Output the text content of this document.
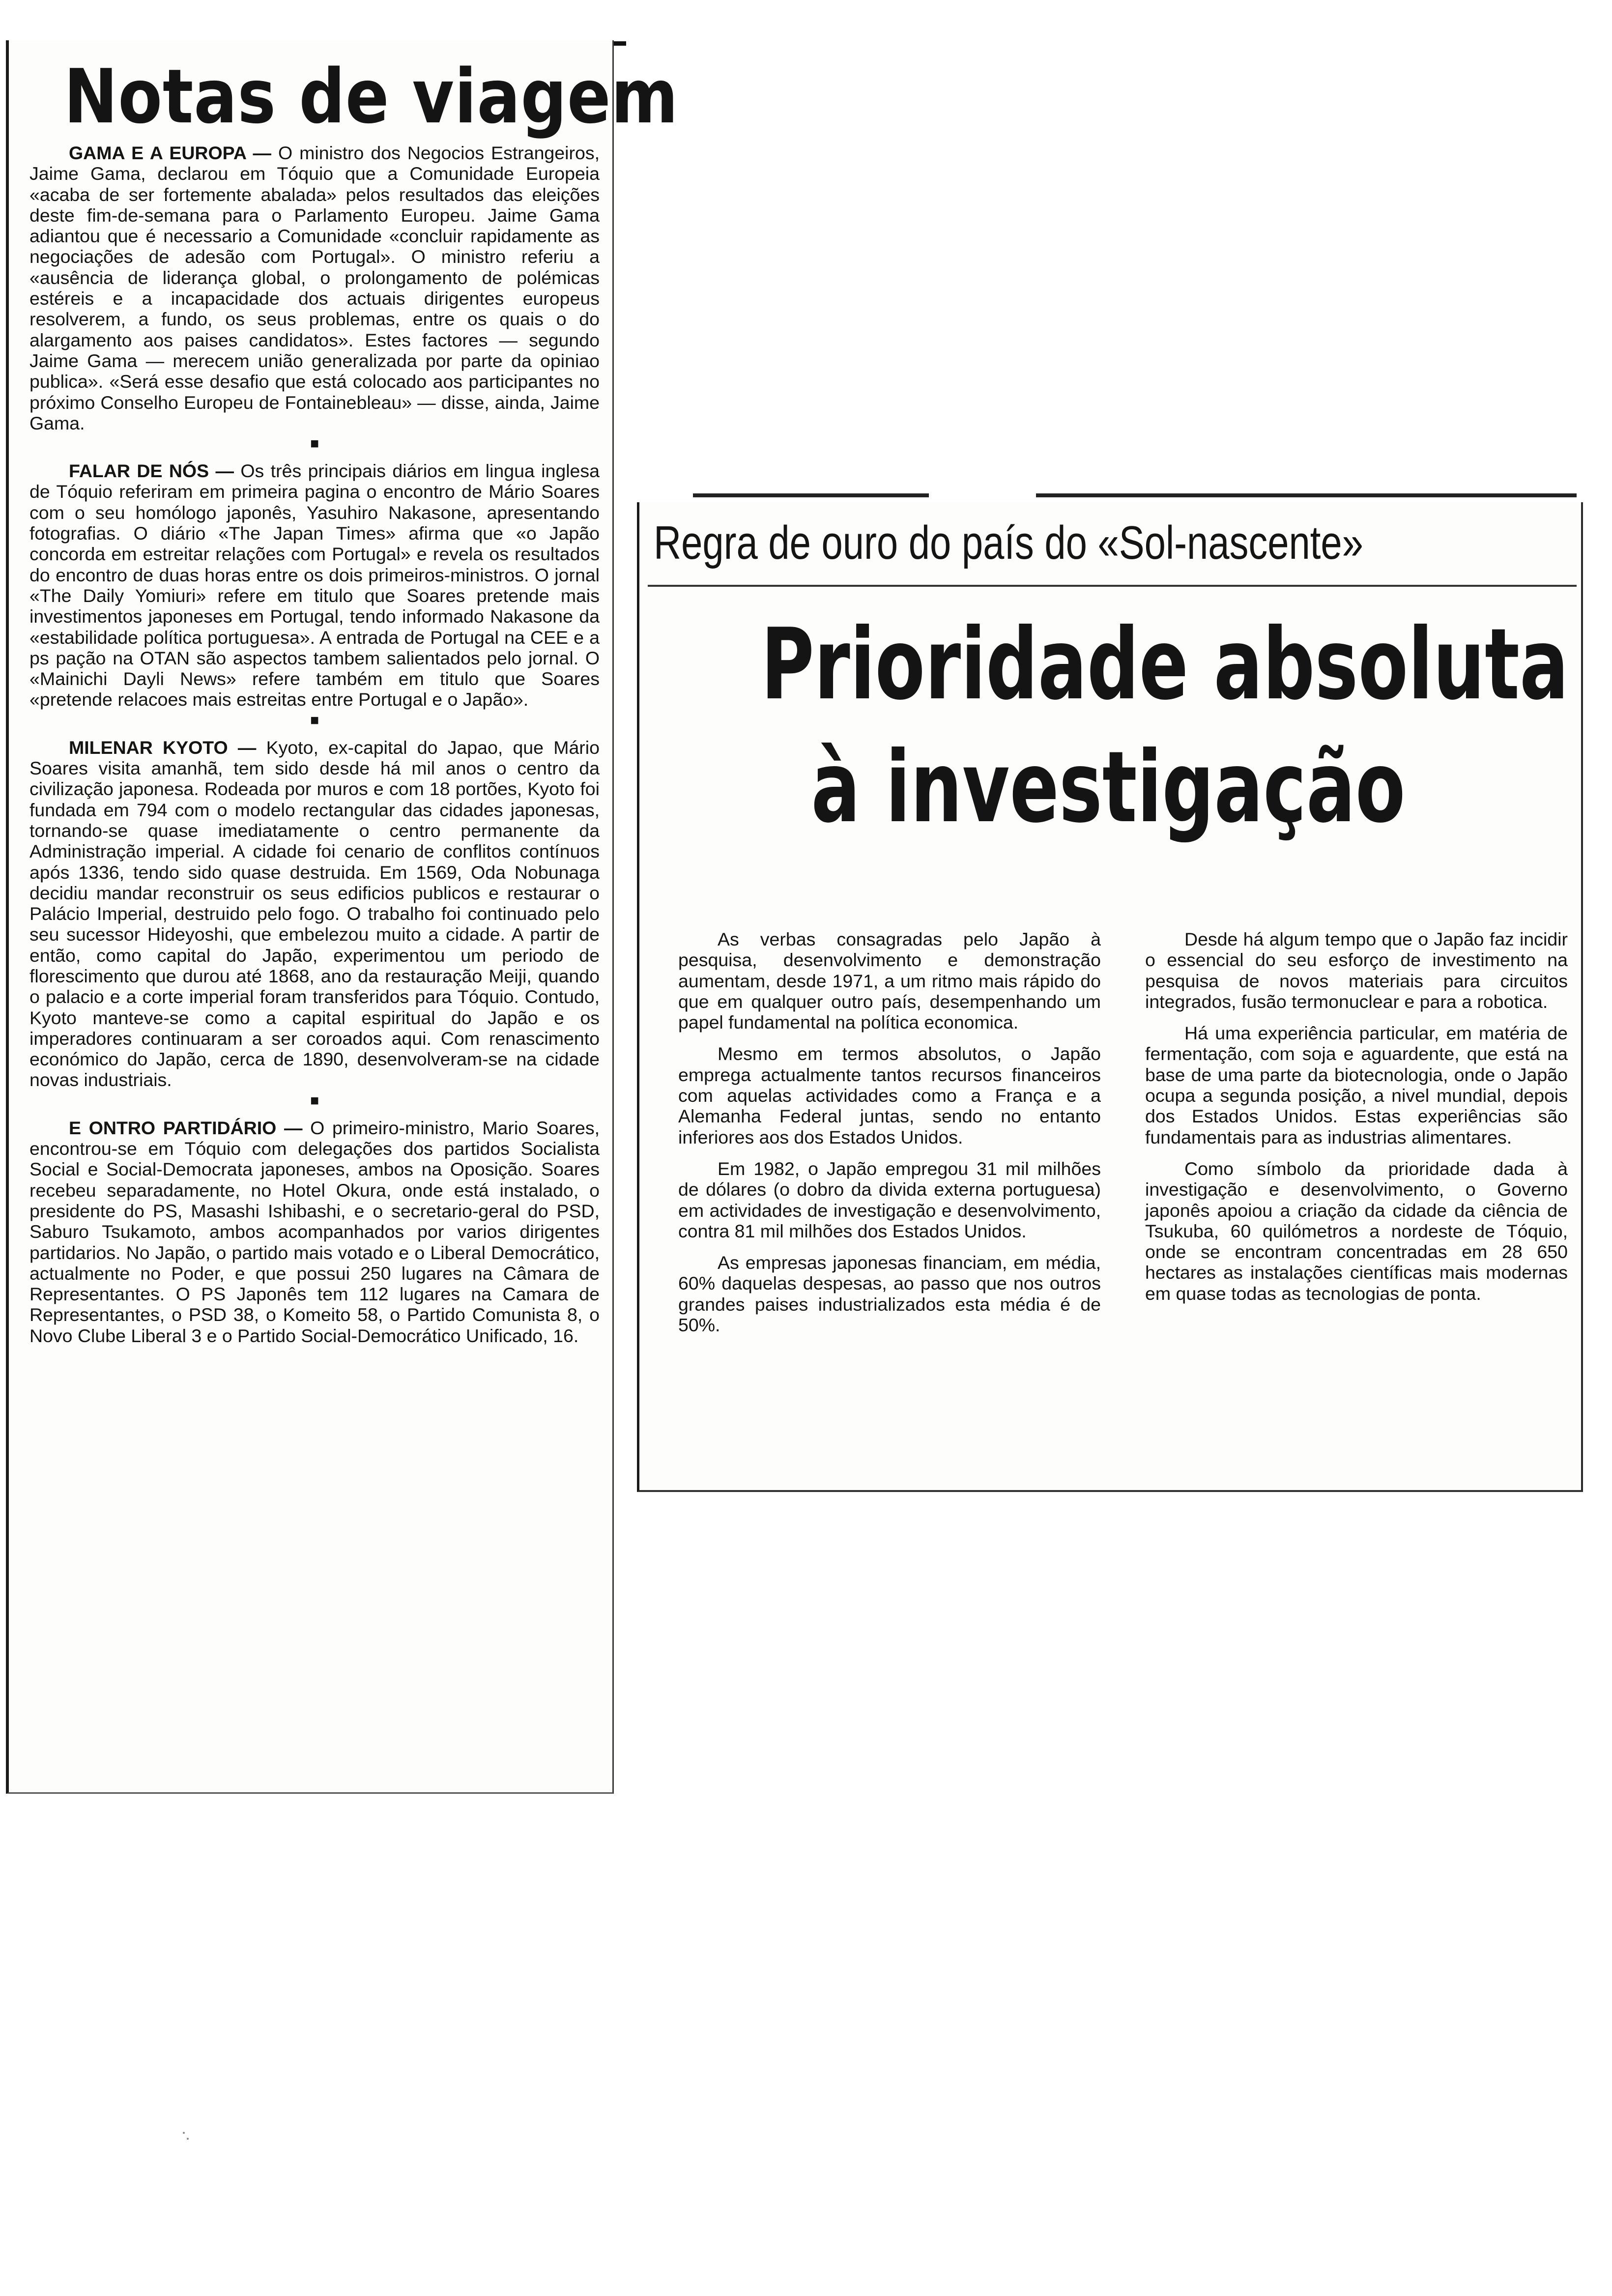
Notas de viagem

GAMA E A EUROPA — O ministro dos Negocios Estrangeiros, Jaime Gama, declarou em Tóquio que a Comunidade Europeia «acaba de ser fortemente abalada» pelos resultados das eleições deste fim-de-semana para o Parlamento Europeu. Jaime Gama adiantou que é necessario a Comunidade «concluir rapidamente as negociações de adesão com Portugal». O ministro referiu a «ausência de liderança global, o prolongamento de polémicas estéreis e a incapacidade dos actuais dirigentes europeus resolverem, a fundo, os seus problemas, entre os quais o do alargamento aos paises candidatos». Estes factores — segundo Jaime Gama — merecem união generalizada por parte da opiniao publica». «Será esse desafio que está colocado aos participantes no próximo Conselho Europeu de Fontainebleau» — disse, ainda, Jaime Gama.

■

FALAR DE NÓS — Os três principais diários em lingua inglesa de Tóquio referiram em primeira pagina o encontro de Mário Soares com o seu homólogo japonês, Yasuhiro Nakasone, apresentando fotografias. O diário «The Japan Times» afirma que «o Japão concorda em estreitar relações com Portugal» e revela os resultados do encontro de duas horas entre os dois primeiros-ministros. O jornal «The Daily Yomiuri» refere em titulo que Soares pretende mais investimentos japoneses em Portugal, tendo informado Nakasone da «estabilidade política portuguesa». A entrada de Portugal na CEE e a ps pação na OTAN são aspectos tambem salientados pelo jornal. O «Mainichi Dayli News» refere também em titulo que Soares «pretende relacoes mais estreitas entre Portugal e o Japão».

■

MILENAR KYOTO — Kyoto, ex-capital do Japao, que Mário Soares visita amanhã, tem sido desde há mil anos o centro da civilização japonesa. Rodeada por muros e com 18 portões, Kyoto foi fundada em 794 com o modelo rectangular das cidades japonesas, tornando-se quase imediatamente o centro permanente da Administração imperial. A cidade foi cenario de conflitos contínuos após 1336, tendo sido quase destruida. Em 1569, Oda Nobunaga decidiu mandar reconstruir os seus edificios publicos e restaurar o Palácio Imperial, destruido pelo fogo. O trabalho foi continuado pelo seu sucessor Hideyoshi, que embelezou muito a cidade. A partir de então, como capital do Japão, experimentou um periodo de florescimento que durou até 1868, ano da restauração Meiji, quando o palacio e a corte imperial foram transferidos para Tóquio. Contudo, Kyoto manteve-se como a capital espiritual do Japão e os imperadores continuaram a ser coroados aqui. Com renascimento económico do Japão, cerca de 1890, desenvolveram-se na cidade novas industriais.

■

E ONTRO PARTIDÁRIO — O primeiro-ministro, Mario Soares, encontrou-se em Tóquio com delegações dos partidos Socialista Social e Social-Democrata japoneses, ambos na Oposição. Soares recebeu separadamente, no Hotel Okura, onde está instalado, o presidente do PS, Masashi Ishibashi, e o secretario-geral do PSD, Saburo Tsukamoto, ambos acompanhados por varios dirigentes partidarios. No Japão, o partido mais votado e o Liberal Democrático, actualmente no Poder, e que possui 250 lugares na Câmara de Representantes. O PS Japonês tem 112 lugares na Camara de Representantes, o PSD 38, o Komeito 58, o Partido Comunista 8, o Novo Clube Liberal 3 e o Partido Social-Democrático Unificado, 16.

Regra de ouro do país do «Sol-nascente»
Prioridade absoluta
à investigação

As verbas consagradas pelo Japão à pesquisa, desenvolvimento e demonstração aumentam, desde 1971, a um ritmo mais rápido do que em qualquer outro país, desempenhando um papel fundamental na política economica.

Mesmo em termos absolutos, o Japão emprega actualmente tantos recursos financeiros com aquelas actividades como a França e a Alemanha Federal juntas, sendo no entanto inferiores aos dos Estados Unidos.

Em 1982, o Japão empregou 31 mil milhões de dólares (o dobro da divida externa portuguesa) em actividades de investigação e desenvolvimento, contra 81 mil milhões dos Estados Unidos.

As empresas japonesas financiam, em média, 60% daquelas despesas, ao passo que nos outros grandes paises industrializados esta média é de 50%.

Desde há algum tempo que o Japão faz incidir o essencial do seu esforço de investimento na pesquisa de novos materiais para circuitos integrados, fusão termonuclear e para a robotica.

Há uma experiência particular, em matéria de fermentação, com soja e aguardente, que está na base de uma parte da biotecnologia, onde o Japão ocupa a segunda posição, a nivel mundial, depois dos Estados Unidos. Estas experiências são fundamentais para as industrias alimentares.

Como símbolo da prioridade dada à investigação e desenvolvimento, o Governo japonês apoiou a criação da cidade da ciência de Tsukuba, 60 quilómetros a nordeste de Tóquio, onde se encontram concentradas em 28 650 hectares as instalações científicas mais modernas em quase todas as tecnologias de ponta.
